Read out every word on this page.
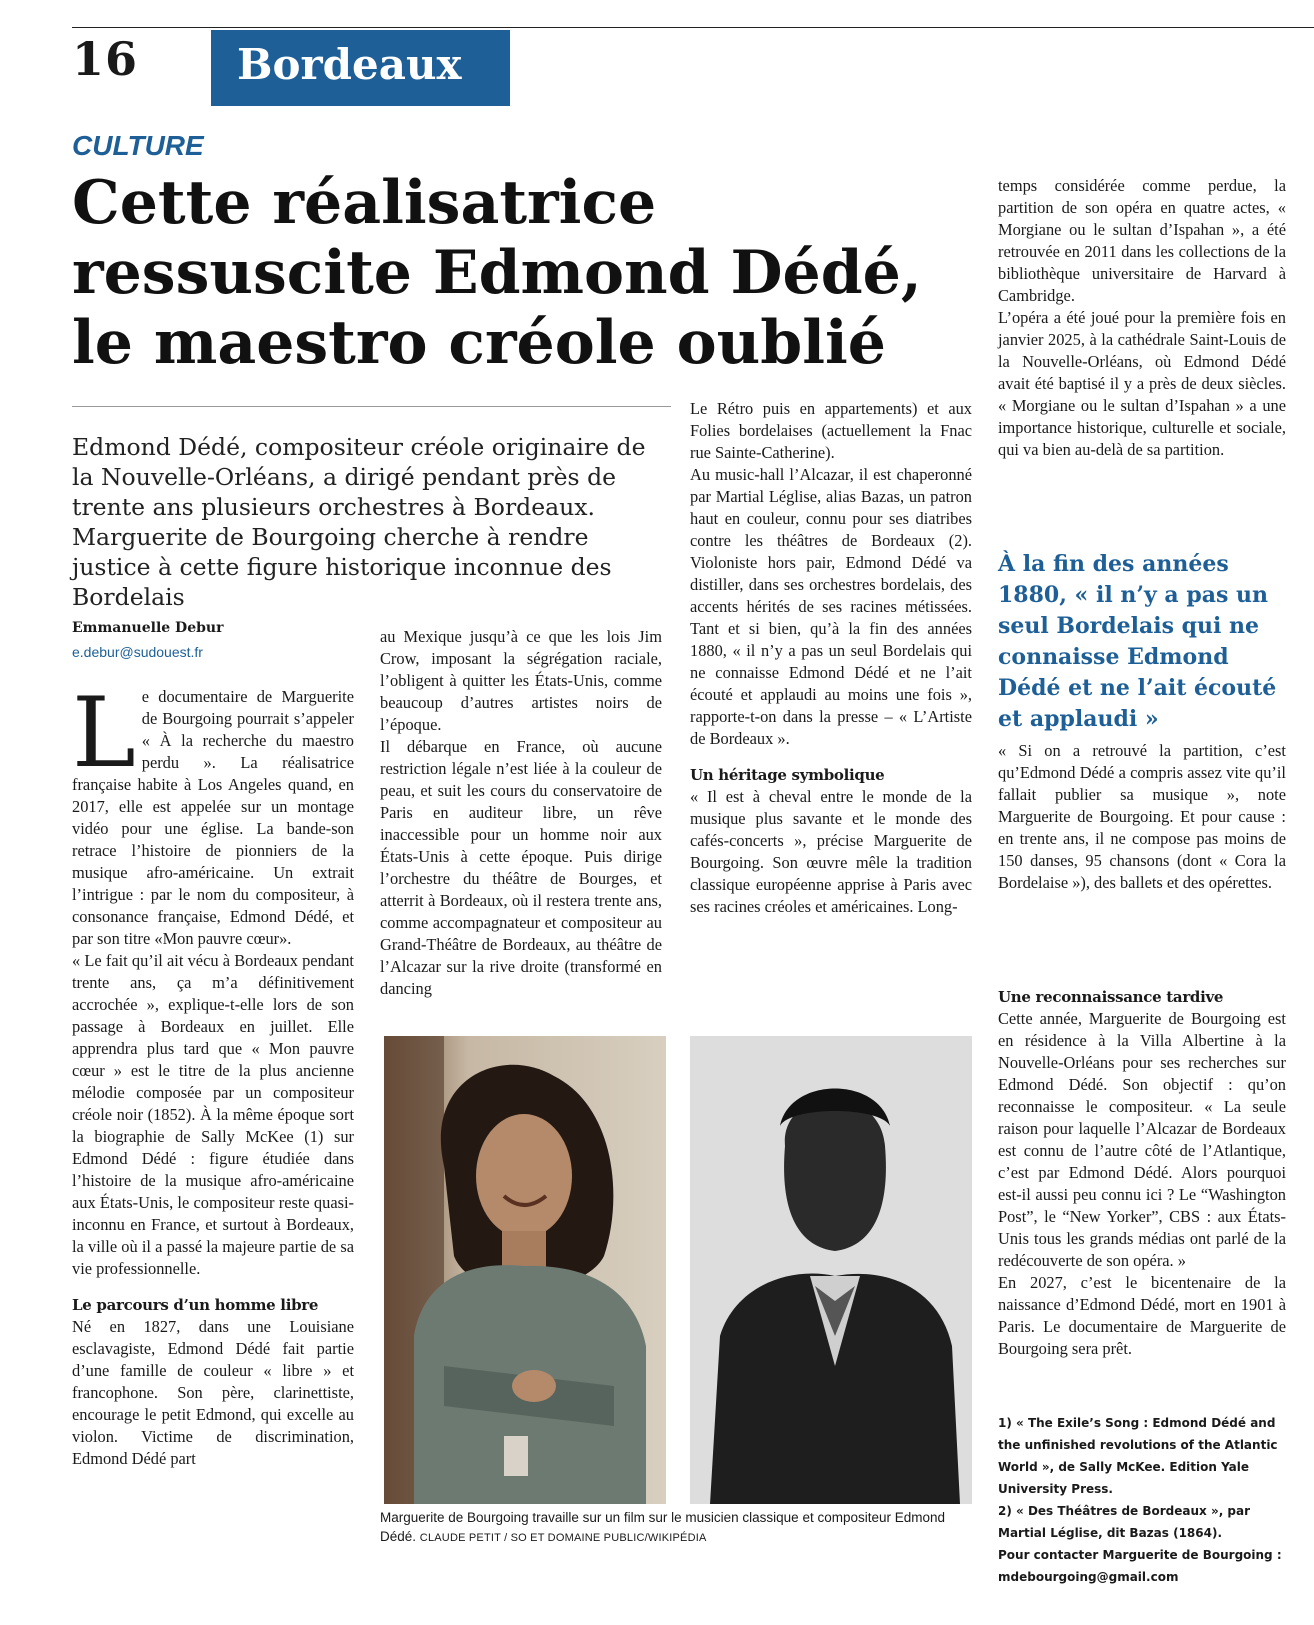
16 Bordeaux
CULTURE
Cette réalisatrice
ressuscite Edmond Dédé,
le maestro créole oublié
Edmond Dédé, compositeur créole originaire de la Nouvelle-Orléans, a dirigé pendant près de trente ans plusieurs orchestres à Bordeaux. Marguerite de Bourgoing cherche à rendre justice à cette figure historique inconnue des Bordelais
Emmanuelle Debur
e.debur@sudouest.fr

Le documentaire de Marguerite de Bourgoing pourrait s’appeler « À la recherche du maestro perdu ». La réalisatrice française habite à Los Angeles quand, en 2017, elle est appelée sur un montage vidéo pour une église. La bande-son retrace l’histoire de pionniers de la musique afro-américaine. Un extrait l’intrigue : par le nom du compositeur, à consonance française, Edmond Dédé, et par son titre «Mon pauvre cœur».

« Le fait qu’il ait vécu à Bordeaux pendant trente ans, ça m’a définitivement accrochée », explique-t-elle lors de son passage à Bordeaux en juillet. Elle apprendra plus tard que « Mon pauvre cœur » est le titre de la plus ancienne mélodie composée par un compositeur créole noir (1852). À la même époque sort la biographie de Sally McKee (1) sur Edmond Dédé : figure étudiée dans l’histoire de la musique afro-américaine aux États-Unis, le compositeur reste quasi-inconnu en France, et surtout à Bordeaux, la ville où il a passé la majeure partie de sa vie professionnelle.

Le parcours d’un homme libre

Né en 1827, dans une Louisiane esclavagiste, Edmond Dédé fait partie d’une famille de couleur « libre » et francophone. Son père, clarinettiste, encourage le petit Edmond, qui excelle au violon. Victime de discrimination, Edmond Dédé part

au Mexique jusqu’à ce que les lois Jim Crow, imposant la ségrégation raciale, l’obligent à quitter les États-Unis, comme beaucoup d’autres artistes noirs de l’époque.

Il débarque en France, où aucune restriction légale n’est liée à la couleur de peau, et suit les cours du conservatoire de Paris en auditeur libre, un rêve inaccessible pour un homme noir aux États-Unis à cette époque. Puis dirige l’orchestre du théâtre de Bourges, et atterrit à Bordeaux, où il restera trente ans, comme accompagnateur et compositeur au Grand-Théâtre de Bordeaux, au théâtre de l’Alcazar sur la rive droite (transformé en dancing

Le Rétro puis en appartements) et aux Folies bordelaises (actuellement la Fnac rue Sainte-Catherine).

Au music-hall l’Alcazar, il est chaperonné par Martial Léglise, alias Bazas, un patron haut en couleur, connu pour ses diatribes contre les théâtres de Bordeaux (2). Violoniste hors pair, Edmond Dédé va distiller, dans ses orchestres bordelais, des accents hérités de ses racines métissées. Tant et si bien, qu’à la fin des années 1880, « il n’y a pas un seul Bordelais qui ne connaisse Edmond Dédé et ne l’ait écouté et applaudi au moins une fois », rapporte-t-on dans la presse – « L’Artiste de Bordeaux ».

Un héritage symbolique

« Il est à cheval entre le monde de la musique plus savante et le monde des cafés-concerts », précise Marguerite de Bourgoing. Son œuvre mêle la tradition classique européenne apprise à Paris avec ses racines créoles et américaines. Long-

temps considérée comme perdue, la partition de son opéra en quatre actes, « Morgiane ou le sultan d’Ispahan », a été retrouvée en 2011 dans les collections de la bibliothèque universitaire de Harvard à Cambridge.

L’opéra a été joué pour la première fois en janvier 2025, à la cathédrale Saint-Louis de la Nouvelle-Orléans, où Edmond Dédé avait été baptisé il y a près de deux siècles. « Morgiane ou le sultan d’Ispahan » a une importance historique, culturelle et sociale, qui va bien au-delà de sa partition.

À la fin des années 1880, « il n’y a pas un seul Bordelais qui ne connaisse Edmond Dédé et ne l’ait écouté et applaudi »

« Si on a retrouvé la partition, c’est qu’Edmond Dédé a compris assez vite qu’il fallait publier sa musique », note Marguerite de Bourgoing. Et pour cause : en trente ans, il ne compose pas moins de 150 danses, 95 chansons (dont « Cora la Bordelaise »), des ballets et des opérettes.

Une reconnaissance tardive

Cette année, Marguerite de Bourgoing est en résidence à la Villa Albertine à la Nouvelle-Orléans pour ses recherches sur Edmond Dédé. Son objectif : qu’on reconnaisse le compositeur. « La seule raison pour laquelle l’Alcazar de Bordeaux est connu de l’autre côté de l’Atlantique, c’est par Edmond Dédé. Alors pourquoi est-il aussi peu connu ici ? Le “Washington Post”, le “New Yorker”, CBS : aux États-Unis tous les grands médias ont parlé de la redécouverte de son opéra. »

En 2027, c’est le bicentenaire de la naissance d’Edmond Dédé, mort en 1901 à Paris. Le documentaire de Marguerite de Bourgoing sera prêt.

1) « The Exile’s Song : Edmond Dédé and the unfinished revolutions of the Atlantic World », de Sally McKee. Edition Yale University Press.

2) « Des Théâtres de Bordeaux », par Martial Léglise, dit Bazas (1864).

Pour contacter Marguerite de Bourgoing : mdebourgoing@gmail.com

Marguerite de Bourgoing travaille sur un film sur le musicien classique et compositeur Edmond Dédé. CLAUDE PETIT / SO ET DOMAINE PUBLIC/WIKIPÉDIA
